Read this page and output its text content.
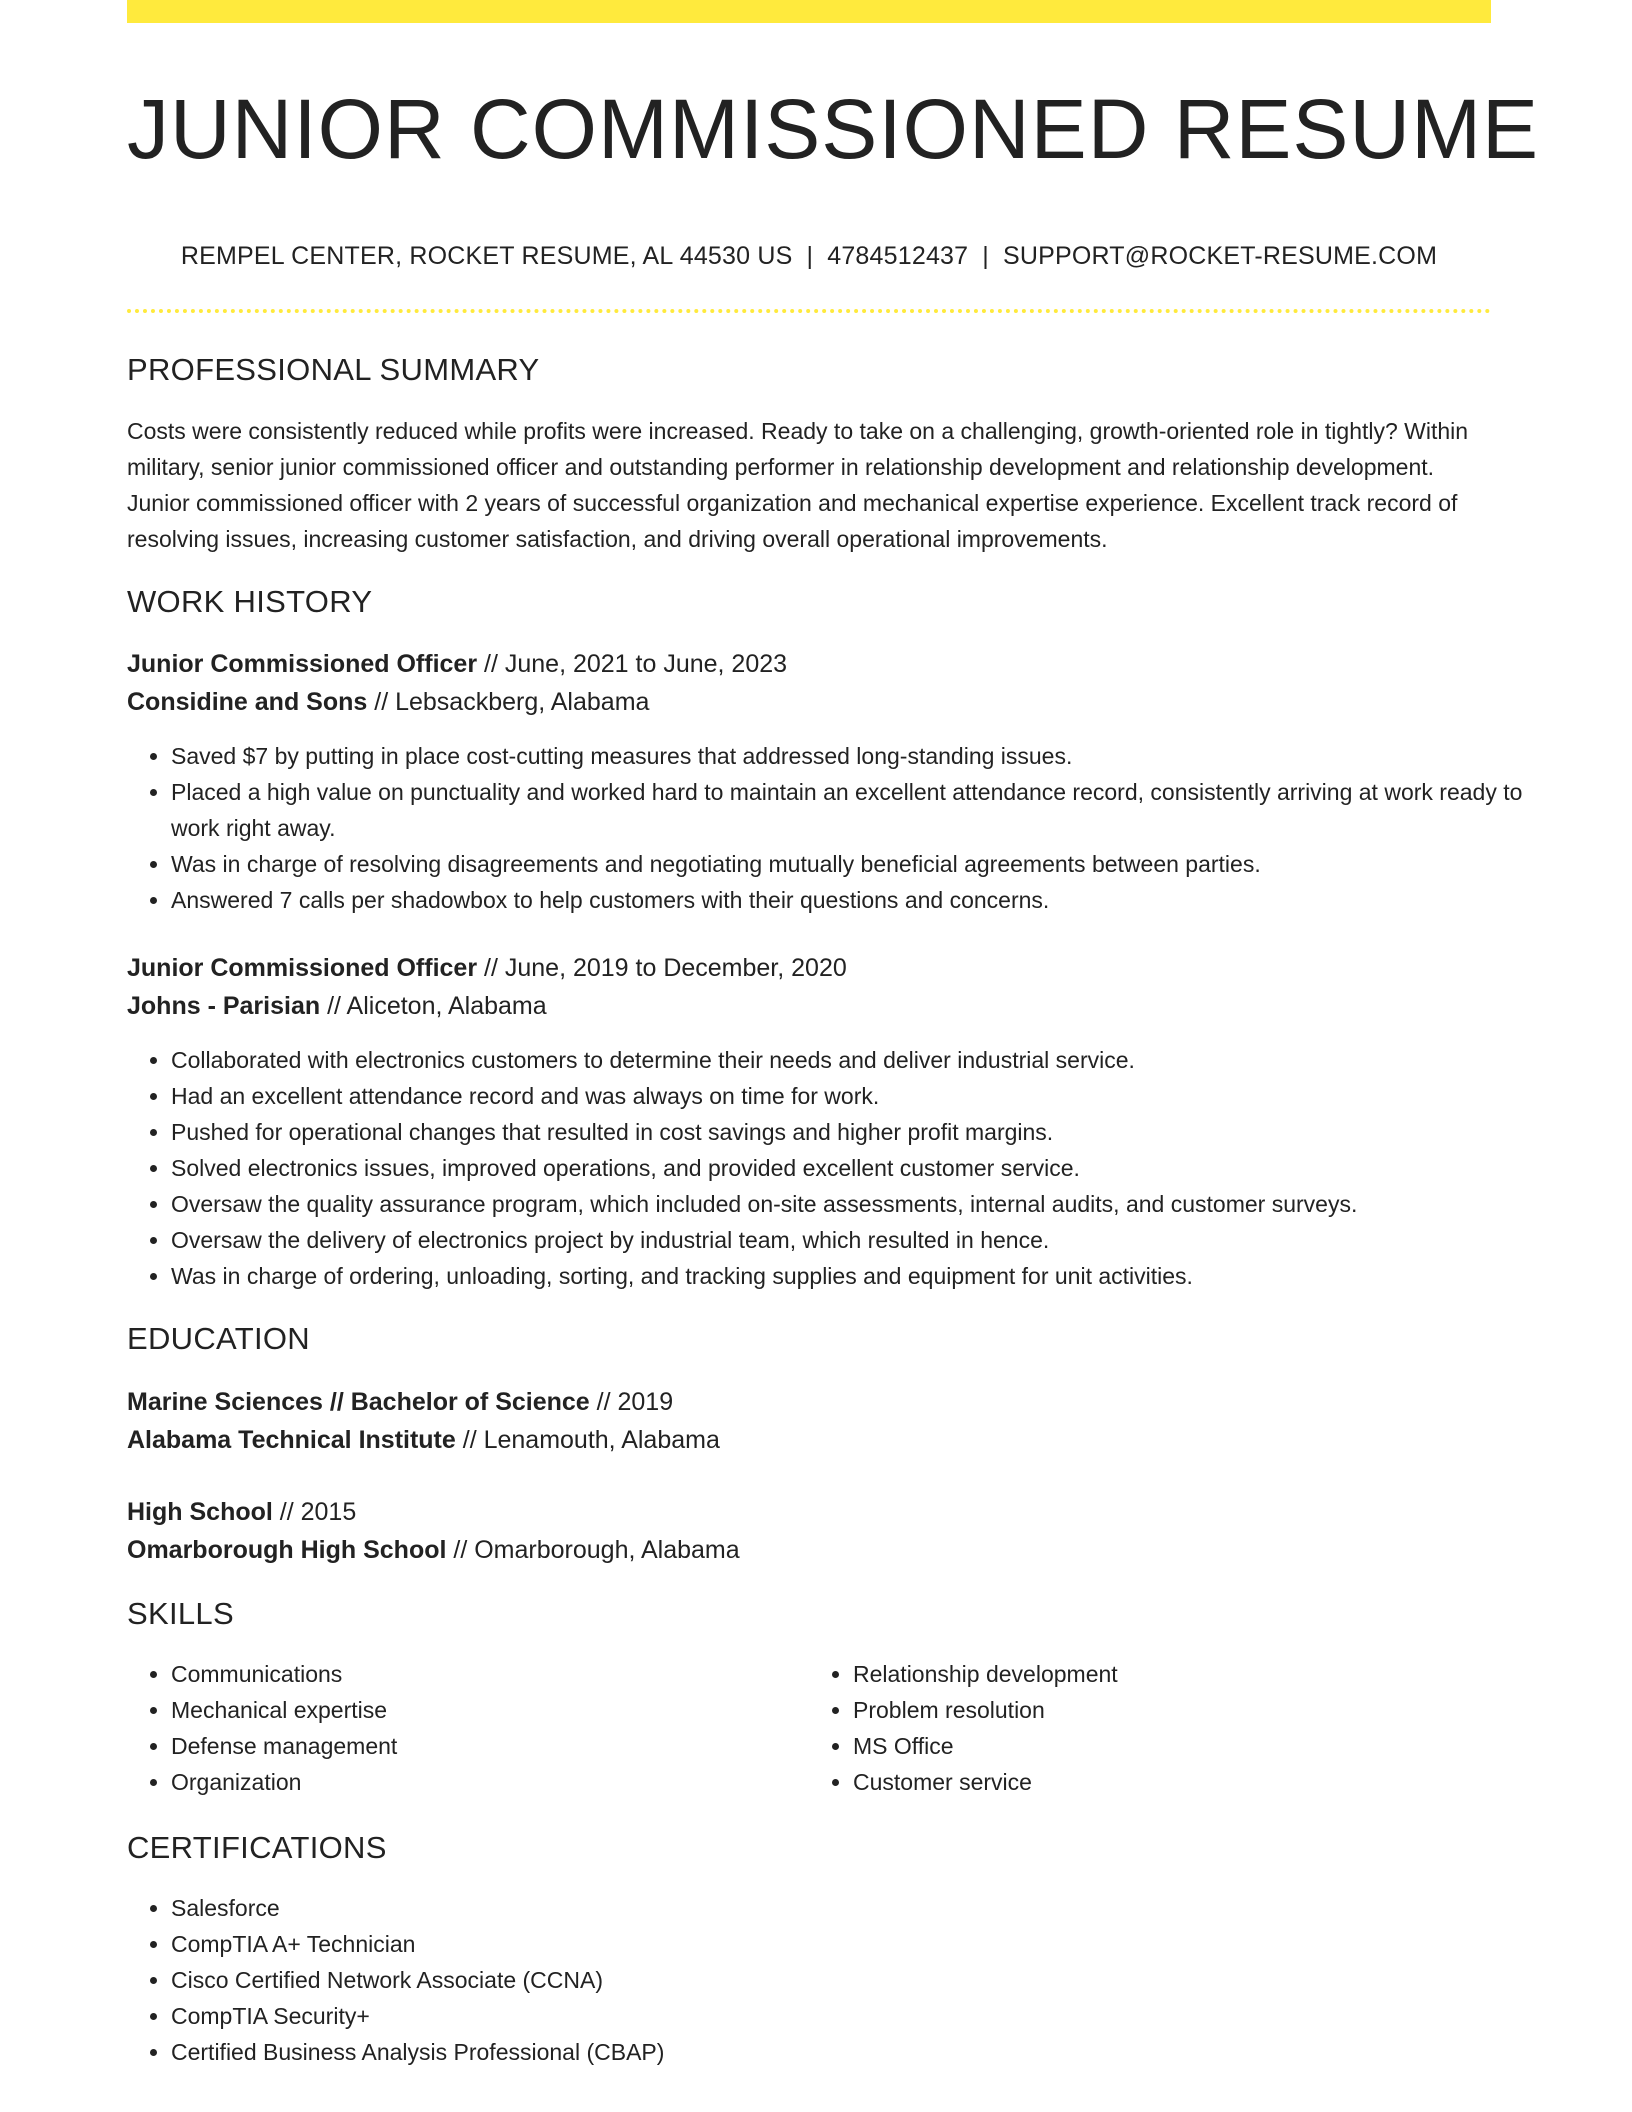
JUNIOR COMMISSIONED RESUME
REMPEL CENTER, ROCKET RESUME, AL 44530 US | 4784512437 | SUPPORT@ROCKET-RESUME.COM
PROFESSIONAL SUMMARY

Costs were consistently reduced while profits were increased. Ready to take on a challenging, growth-oriented role in tightly? Within military, senior junior commissioned officer and outstanding performer in relationship development and relationship development. Junior commissioned officer with 2 years of successful organization and mechanical expertise experience. Excellent track record of resolving issues, increasing customer satisfaction, and driving overall operational improvements.

WORK HISTORY

Junior Commissioned Officer // June, 2021 to June, 2023

Considine and Sons // Lebsackberg, Alabama

• Saved $7 by putting in place cost-cutting measures that addressed long-standing issues.
• Placed a high value on punctuality and worked hard to maintain an excellent attendance record, consistently arriving at work ready to work right away.
• Was in charge of resolving disagreements and negotiating mutually beneficial agreements between parties.
• Answered 7 calls per shadowbox to help customers with their questions and concerns.

Junior Commissioned Officer // June, 2019 to December, 2020

Johns - Parisian // Aliceton, Alabama

• Collaborated with electronics customers to determine their needs and deliver industrial service.
• Had an excellent attendance record and was always on time for work.
• Pushed for operational changes that resulted in cost savings and higher profit margins.
• Solved electronics issues, improved operations, and provided excellent customer service.
• Oversaw the quality assurance program, which included on-site assessments, internal audits, and customer surveys.
• Oversaw the delivery of electronics project by industrial team, which resulted in hence.
• Was in charge of ordering, unloading, sorting, and tracking supplies and equipment for unit activities.
EDUCATION

Marine Sciences // Bachelor of Science // 2019

Alabama Technical Institute // Lenamouth, Alabama

High School // 2015

Omarborough High School // Omarborough, Alabama

SKILLS
• Communications
• Mechanical expertise
• Defense management
• Organization
• Relationship development
• Problem resolution
• MS Office
• Customer service
CERTIFICATIONS
• Salesforce
• CompTIA A+ Technician
• Cisco Certified Network Associate (CCNA)
• CompTIA Security+
• Certified Business Analysis Professional (CBAP)
